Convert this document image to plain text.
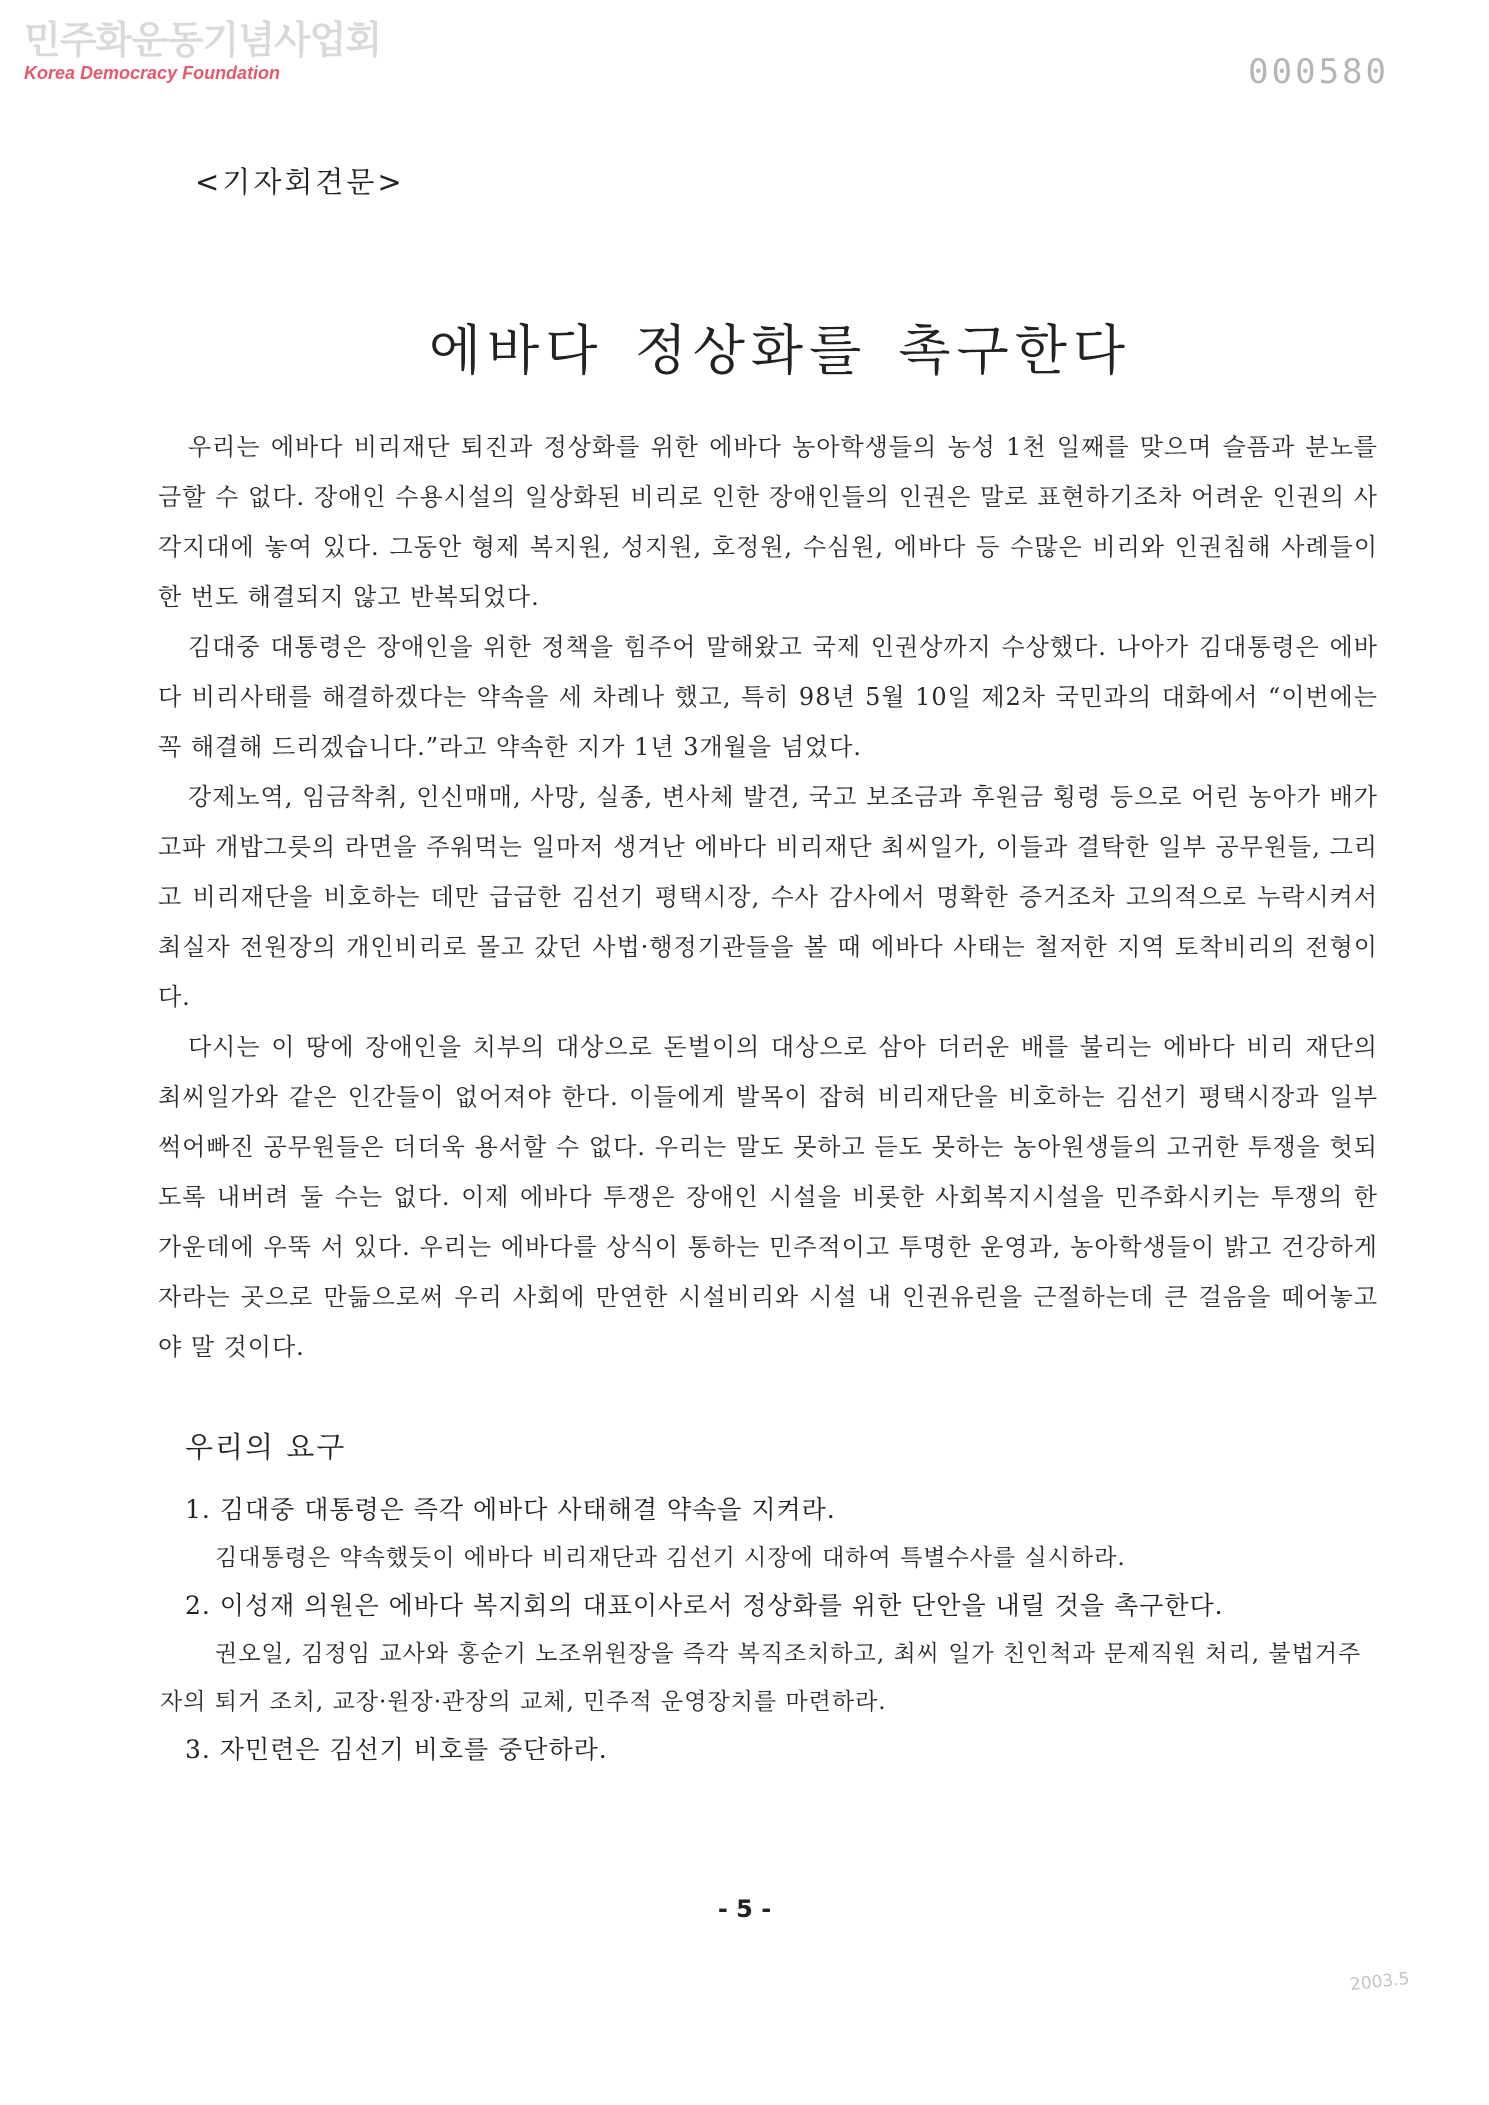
민주화운동기념사업회
Korea Democracy Foundation	000580
<기자회견문>
에바다 정상화를 촉구한다

우리는 에바다 비리재단 퇴진과 정상화를 위한 에바다 농아학생들의 농성 1천 일째를 맞으며 슬픔과 분노를 금할 수 없다. 장애인 수용시설의 일상화된 비리로 인한 장애인들의 인권은 말로 표현하기조차 어려운 인권의 사각지대에 놓여 있다. 그동안 형제 복지원, 성지원, 호정원, 수심원, 에바다 등 수많은 비리와 인권침해 사례들이 한 번도 해결되지 않고 반복되었다.

김대중 대통령은 장애인을 위한 정책을 힘주어 말해왔고 국제 인권상까지 수상했다. 나아가 김대통령은 에바다 비리사태를 해결하겠다는 약속을 세 차례나 했고, 특히 98년 5월 10일 제2차 국민과의 대화에서 “이번에는 꼭 해결해 드리겠습니다.”라고 약속한 지가 1년 3개월을 넘었다.

강제노역, 임금착취, 인신매매, 사망, 실종, 변사체 발견, 국고 보조금과 후원금 횡령 등으로 어린 농아가 배가 고파 개밥그릇의 라면을 주워먹는 일마저 생겨난 에바다 비리재단 최씨일가, 이들과 결탁한 일부 공무원들, 그리고 비리재단을 비호하는 데만 급급한 김선기 평택시장, 수사 감사에서 명확한 증거조차 고의적으로 누락시켜서 최실자 전원장의 개인비리로 몰고 갔던 사법·행정기관들을 볼 때 에바다 사태는 철저한 지역 토착비리의 전형이다.

다시는 이 땅에 장애인을 치부의 대상으로 돈벌이의 대상으로 삼아 더러운 배를 불리는 에바다 비리 재단의 최씨일가와 같은 인간들이 없어져야 한다. 이들에게 발목이 잡혀 비리재단을 비호하는 김선기 평택시장과 일부 썩어빠진 공무원들은 더더욱 용서할 수 없다. 우리는 말도 못하고 듣도 못하는 농아원생들의 고귀한 투쟁을 헛되도록 내버려 둘 수는 없다. 이제 에바다 투쟁은 장애인 시설을 비롯한 사회복지시설을 민주화시키는 투쟁의 한 가운데에 우뚝 서 있다. 우리는 에바다를 상식이 통하는 민주적이고 투명한 운영과, 농아학생들이 밝고 건강하게 자라는 곳으로 만듦으로써 우리 사회에 만연한 시설비리와 시설 내 인권유린을 근절하는데 큰 걸음을 떼어놓고야 말 것이다.

우리의 요구
1. 김대중 대통령은 즉각 에바다 사태해결 약속을 지켜라.
김대통령은 약속했듯이 에바다 비리재단과 김선기 시장에 대하여 특별수사를 실시하라.
2. 이성재 의원은 에바다 복지회의 대표이사로서 정상화를 위한 단안을 내릴 것을 촉구한다.
권오일, 김정임 교사와 홍순기 노조위원장을 즉각 복직조치하고, 최씨 일가 친인척과 문제직원 처리, 불법거주자의 퇴거 조치, 교장·원장·관장의 교체, 민주적 운영장치를 마련하라.
3. 자민련은 김선기 비호를 중단하라.
- 5 -
2003.5
